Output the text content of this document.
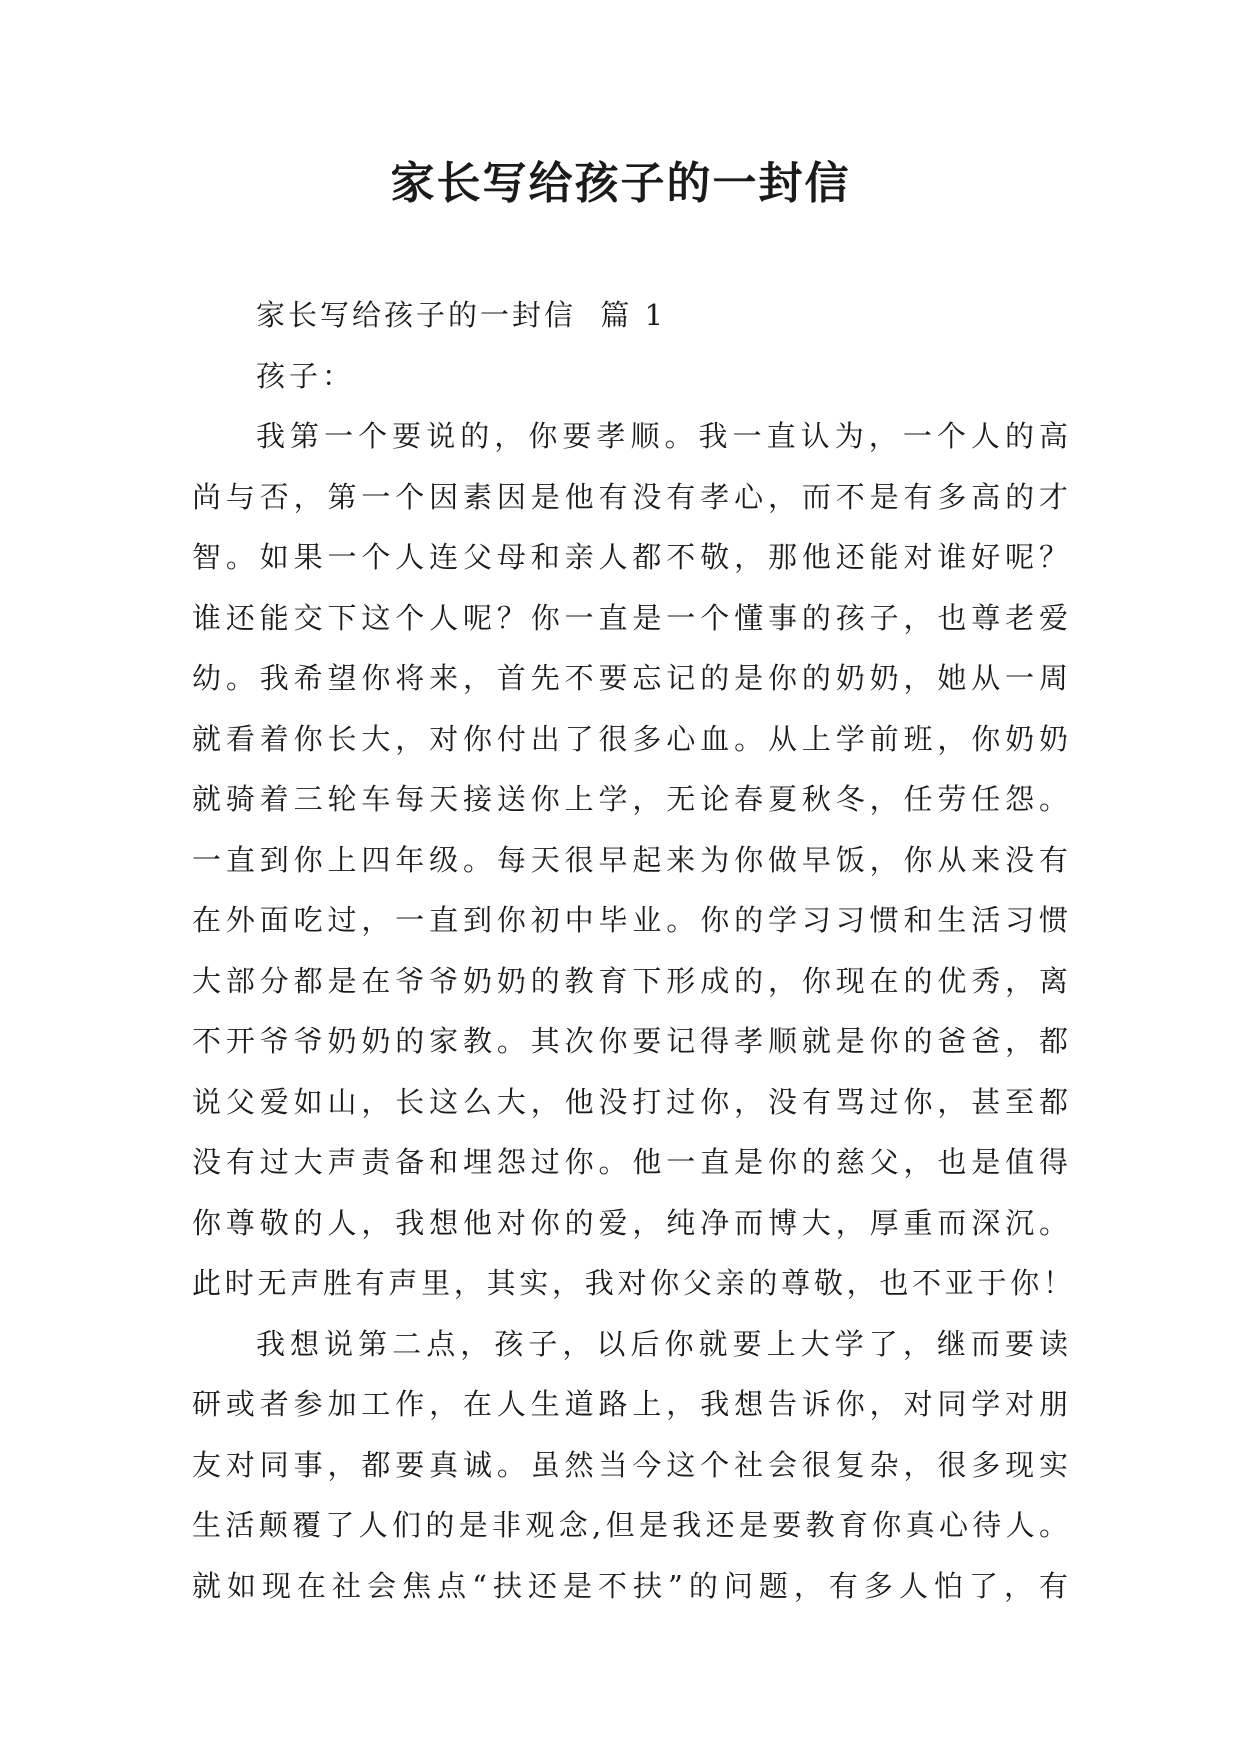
家长写给孩子的一封信
家长写给孩子的一封信  篇 1
孩子：
我第一个要说的，你要孝顺。我一直认为，一个人的高
尚与否，第一个因素因是他有没有孝心，而不是有多高的才
智。如果一个人连父母和亲人都不敬，那他还能对谁好呢？
谁还能交下这个人呢？你一直是一个懂事的孩子，也尊老爱
幼。我希望你将来，首先不要忘记的是你的奶奶，她从一周
就看着你长大，对你付出了很多心血。从上学前班，你奶奶
就骑着三轮车每天接送你上学，无论春夏秋冬，任劳任怨。
一直到你上四年级。每天很早起来为你做早饭，你从来没有
在外面吃过，一直到你初中毕业。你的学习习惯和生活习惯
大部分都是在爷爷奶奶的教育下形成的，你现在的优秀，离
不开爷爷奶奶的家教。其次你要记得孝顺就是你的爸爸，都
说父爱如山，长这么大，他没打过你，没有骂过你，甚至都
没有过大声责备和埋怨过你。他一直是你的慈父，也是值得
你尊敬的人，我想他对你的爱，纯净而博大，厚重而深沉。
此时无声胜有声里，其实，我对你父亲的尊敬，也不亚于你！
我想说第二点，孩子，以后你就要上大学了，继而要读
研或者参加工作，在人生道路上，我想告诉你，对同学对朋
友对同事，都要真诚。虽然当今这个社会很复杂，很多现实
生活颠覆了人们的是非观念,但是我还是要教育你真心待人。
就如现在社会焦点“扶还是不扶”的问题，有多人怕了，有
